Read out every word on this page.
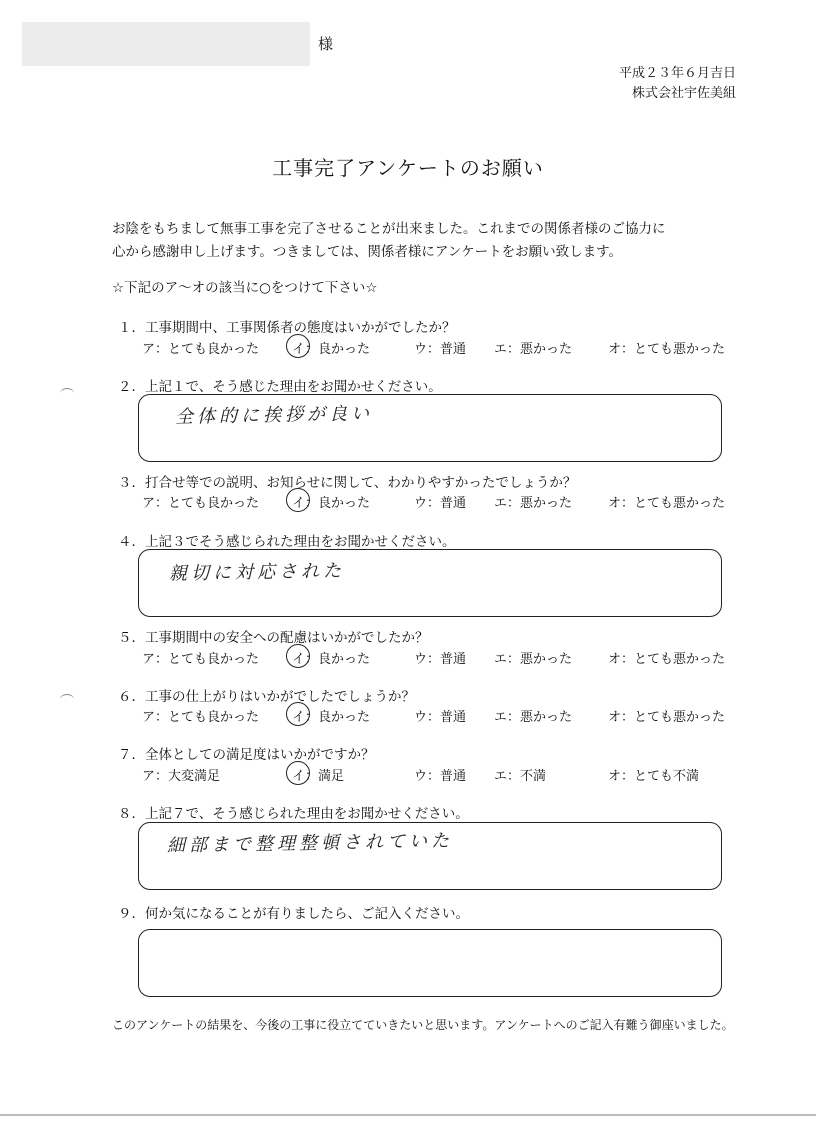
様
平成２３年６月吉日
株式会社宇佐美組
工事完了アンケートのお願い
お陰をもちまして無事工事を完了させることが出来ました。これまでの関係者様のご協力に
心から感謝申し上げます。つきましては、関係者様にアンケートをお願い致します。
☆下記のア～オの該当に○をつけて下さい☆
１．工事期間中、工事関係者の態度はいかがでしたか？
ア：とても良かった	イ：良かった	ウ：普通 エ：悪かった	オ：とても悪かった
２．上記１で、そう感じた理由をお聞かせください。
全体的に挨拶が良い
３．打合せ等での説明、お知らせに関して、わかりやすかったでしょうか？
ア：とても良かった	イ：良かった	ウ：普通 エ：悪かった	オ：とても悪かった
４．上記３でそう感じられた理由をお聞かせください。
親切に対応された
５．工事期間中の安全への配慮はいかがでしたか？
ア：とても良かった	イ：良かった	ウ：普通 エ：悪かった	オ：とても悪かった
６．工事の仕上がりはいかがでしたでしょうか？
ア：とても良かった	イ：良かった	ウ：普通 エ：悪かった	オ：とても悪かった
７．全体としての満足度はいかがですか？
ア：大変満足	イ：満足	ウ：普通 エ：不満	オ：とても不満
８．上記７で、そう感じられた理由をお聞かせください。
細部まで整理整頓されていた
９．何か気になることが有りましたら、ご記入ください。
このアンケートの結果を、今後の工事に役立てていきたいと思います。アンケートへのご記入有難う御座いました。
